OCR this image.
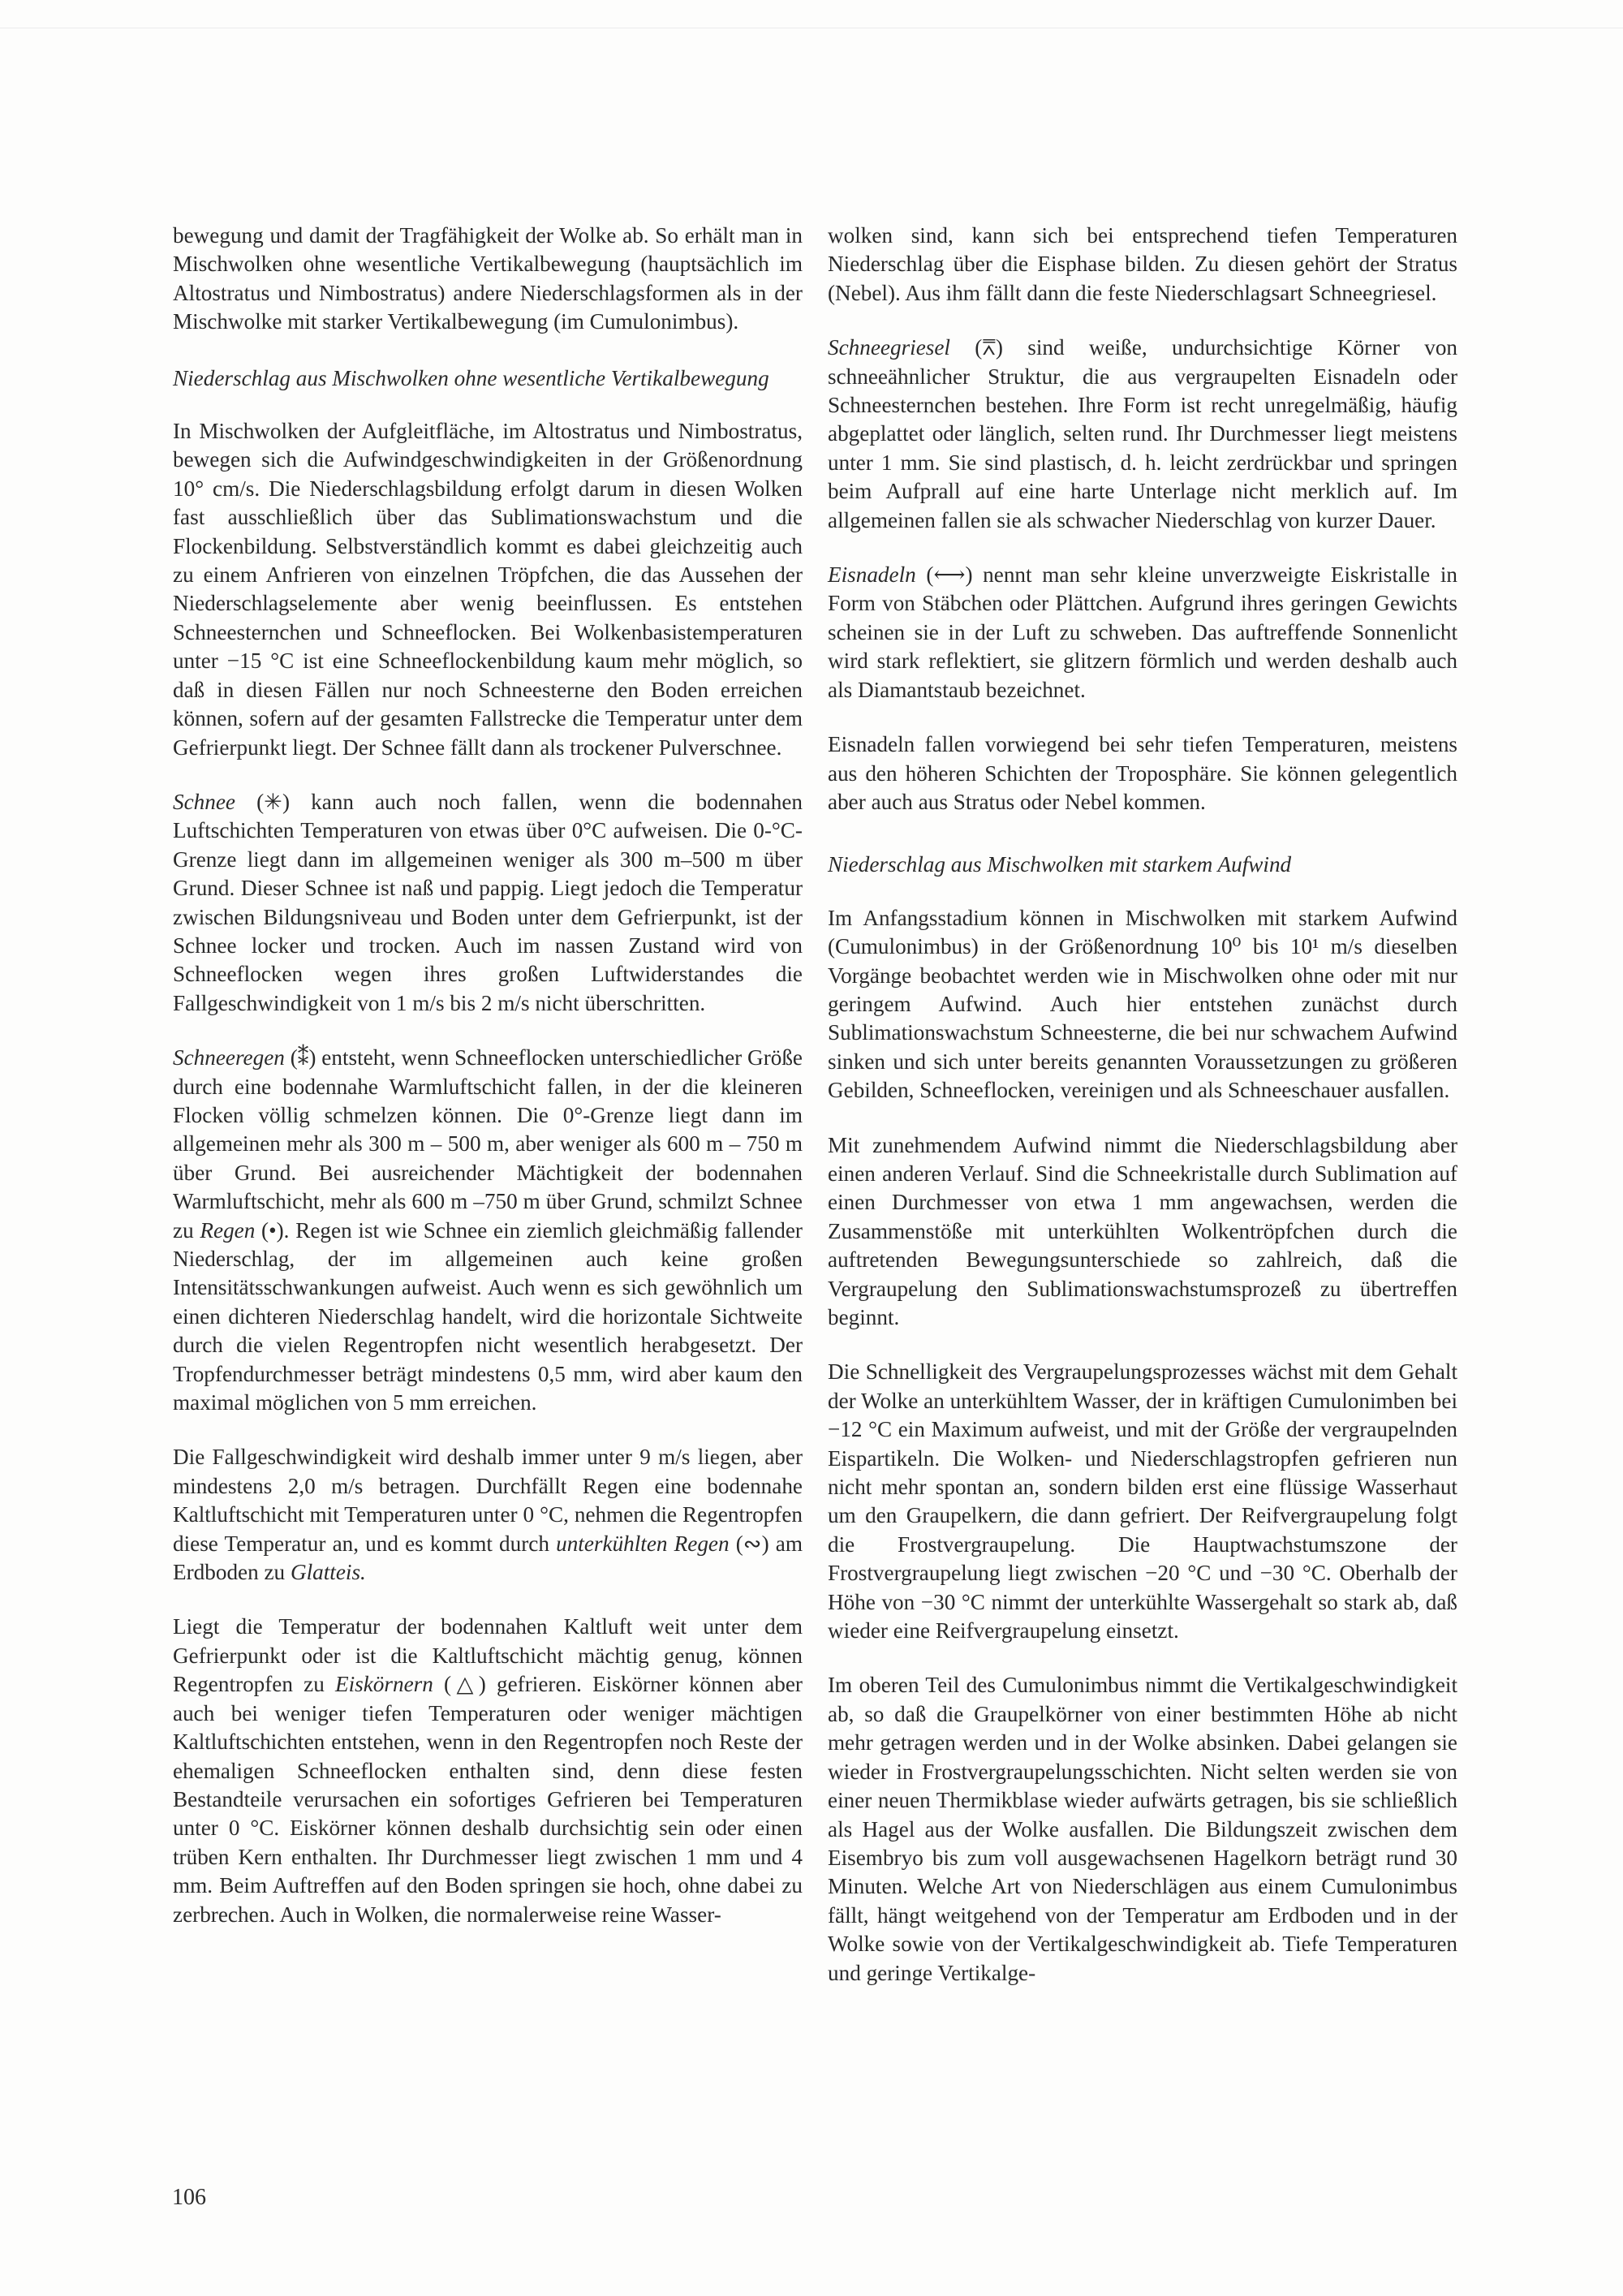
bewegung und damit der Tragfähigkeit der Wolke ab. So erhält man in Mischwolken ohne wesentliche Vertikalbewegung (hauptsächlich im Altostratus und Nimbostratus) andere Niederschlagsformen als in der Mischwolke mit starker Vertikalbewegung (im Cumulonimbus).

Niederschlag aus Mischwolken ohne wesentliche Vertikalbewegung

In Mischwolken der Aufgleitfläche, im Altostratus und Nimbostratus, bewegen sich die Aufwindgeschwindigkeiten in der Größenordnung 10° cm/s. Die Niederschlagsbildung erfolgt darum in diesen Wolken fast ausschließlich über das Sublimationswachstum und die Flockenbildung. Selbstverständlich kommt es dabei gleichzeitig auch zu einem Anfrieren von einzelnen Tröpfchen, die das Aussehen der Niederschlagselemente aber wenig beeinflussen. Es entstehen Schneesternchen und Schneeflocken. Bei Wolkenbasistemperaturen unter −15 °C ist eine Schneeflockenbildung kaum mehr möglich, so daß in diesen Fällen nur noch Schneesterne den Boden erreichen können, sofern auf der gesamten Fallstrecke die Temperatur unter dem Gefrierpunkt liegt. Der Schnee fällt dann als trockener Pulverschnee.

Schnee (✳) kann auch noch fallen, wenn die bodennahen Luftschichten Temperaturen von etwas über 0°C aufweisen. Die 0-°C-Grenze liegt dann im allgemeinen weniger als 300 m–500 m über Grund. Dieser Schnee ist naß und pappig. Liegt jedoch die Temperatur zwischen Bildungsniveau und Boden unter dem Gefrierpunkt, ist der Schnee locker und trocken. Auch im nassen Zustand wird von Schneeflocken wegen ihres großen Luftwiderstandes die Fallgeschwindigkeit von 1 m/s bis 2 m/s nicht überschritten.

Schneeregen (⁑) entsteht, wenn Schneeflocken unterschiedlicher Größe durch eine bodennahe Warmluftschicht fallen, in der die kleineren Flocken völlig schmelzen können. Die 0°-Grenze liegt dann im allgemeinen mehr als 300 m – 500 m, aber weniger als 600 m – 750 m über Grund. Bei ausreichender Mächtigkeit der bodennahen Warmluftschicht, mehr als 600 m –750 m über Grund, schmilzt Schnee zu Regen (•). Regen ist wie Schnee ein ziemlich gleichmäßig fallender Niederschlag, der im allgemeinen auch keine großen Intensitätsschwankungen aufweist. Auch wenn es sich gewöhnlich um einen dichteren Niederschlag handelt, wird die horizontale Sichtweite durch die vielen Regentropfen nicht wesentlich herabgesetzt. Der Tropfendurchmesser beträgt mindestens 0,5 mm, wird aber kaum den maximal möglichen von 5 mm erreichen.

Die Fallgeschwindigkeit wird deshalb immer unter 9 m/s liegen, aber mindestens 2,0 m/s betragen. Durchfällt Regen eine bodennahe Kaltluftschicht mit Temperaturen unter 0 °C, nehmen die Regentropfen diese Temperatur an, und es kommt durch unterkühlten Regen (∾) am Erdboden zu Glatteis.

Liegt die Temperatur der bodennahen Kaltluft weit unter dem Gefrierpunkt oder ist die Kaltluftschicht mächtig genug, können Regentropfen zu Eiskörnern (△) gefrieren. Eiskörner können aber auch bei weniger tiefen Temperaturen oder weniger mächtigen Kaltluftschichten entstehen, wenn in den Regentropfen noch Reste der ehemaligen Schneeflocken enthalten sind, denn diese festen Bestandteile verursachen ein sofortiges Gefrieren bei Temperaturen unter 0 °C. Eiskörner können deshalb durchsichtig sein oder einen trüben Kern enthalten. Ihr Durchmesser liegt zwischen 1 mm und 4 mm. Beim Auftreffen auf den Boden springen sie hoch, ohne dabei zu zerbrechen. Auch in Wolken, die normalerweise reine Wasser-

wolken sind, kann sich bei entsprechend tiefen Temperaturen Niederschlag über die Eisphase bilden. Zu diesen gehört der Stratus (Nebel). Aus ihm fällt dann die feste Niederschlagsart Schneegriesel.

Schneegriesel (⩞) sind weiße, undurchsichtige Körner von schneeähnlicher Struktur, die aus vergraupelten Eisnadeln oder Schneesternchen bestehen. Ihre Form ist recht unregelmäßig, häufig abgeplattet oder länglich, selten rund. Ihr Durchmesser liegt meistens unter 1 mm. Sie sind plastisch, d. h. leicht zerdrückbar und springen beim Aufprall auf eine harte Unterlage nicht merklich auf. Im allgemeinen fallen sie als schwacher Niederschlag von kurzer Dauer.

Eisnadeln (⟷) nennt man sehr kleine unverzweigte Eiskristalle in Form von Stäbchen oder Plättchen. Aufgrund ihres geringen Gewichts scheinen sie in der Luft zu schweben. Das auftreffende Sonnenlicht wird stark reflektiert, sie glitzern förmlich und werden deshalb auch als Diamantstaub bezeichnet.

Eisnadeln fallen vorwiegend bei sehr tiefen Temperaturen, meistens aus den höheren Schichten der Troposphäre. Sie können gelegentlich aber auch aus Stratus oder Nebel kommen.

Niederschlag aus Mischwolken mit starkem Aufwind

Im Anfangsstadium können in Mischwolken mit starkem Aufwind (Cumulonimbus) in der Größenordnung 10⁰ bis 10¹ m/s dieselben Vorgänge beobachtet werden wie in Mischwolken ohne oder mit nur geringem Aufwind. Auch hier entstehen zunächst durch Sublimationswachstum Schneesterne, die bei nur schwachem Aufwind sinken und sich unter bereits genannten Voraussetzungen zu größeren Gebilden, Schneeflocken, vereinigen und als Schneeschauer ausfallen.

Mit zunehmendem Aufwind nimmt die Niederschlagsbildung aber einen anderen Verlauf. Sind die Schneekristalle durch Sublimation auf einen Durchmesser von etwa 1 mm angewachsen, werden die Zusammenstöße mit unterkühlten Wolkentröpfchen durch die auftretenden Bewegungsunterschiede so zahlreich, daß die Vergraupelung den Sublimationswachstumsprozeß zu übertreffen beginnt.

Die Schnelligkeit des Vergraupelungsprozesses wächst mit dem Gehalt der Wolke an unterkühltem Wasser, der in kräftigen Cumulonimben bei −12 °C ein Maximum aufweist, und mit der Größe der vergraupelnden Eispartikeln. Die Wolken- und Niederschlagstropfen gefrieren nun nicht mehr spontan an, sondern bilden erst eine flüssige Wasserhaut um den Graupelkern, die dann gefriert. Der Reifvergraupelung folgt die Frostvergraupelung. Die Hauptwachstumszone der Frostvergraupelung liegt zwischen −20 °C und −30 °C. Oberhalb der Höhe von −30 °C nimmt der unterkühlte Wassergehalt so stark ab, daß wieder eine Reifvergraupelung einsetzt.

Im oberen Teil des Cumulonimbus nimmt die Vertikalgeschwindigkeit ab, so daß die Graupelkörner von einer bestimmten Höhe ab nicht mehr getragen werden und in der Wolke absinken. Dabei gelangen sie wieder in Frostvergraupelungsschichten. Nicht selten werden sie von einer neuen Thermikblase wieder aufwärts getragen, bis sie schließlich als Hagel aus der Wolke ausfallen. Die Bildungszeit zwischen dem Eisembryo bis zum voll ausgewachsenen Hagelkorn beträgt rund 30 Minuten. Welche Art von Niederschlägen aus einem Cumulonimbus fällt, hängt weitgehend von der Temperatur am Erdboden und in der Wolke sowie von der Vertikalgeschwindigkeit ab. Tiefe Temperaturen und geringe Vertikalge-

106
